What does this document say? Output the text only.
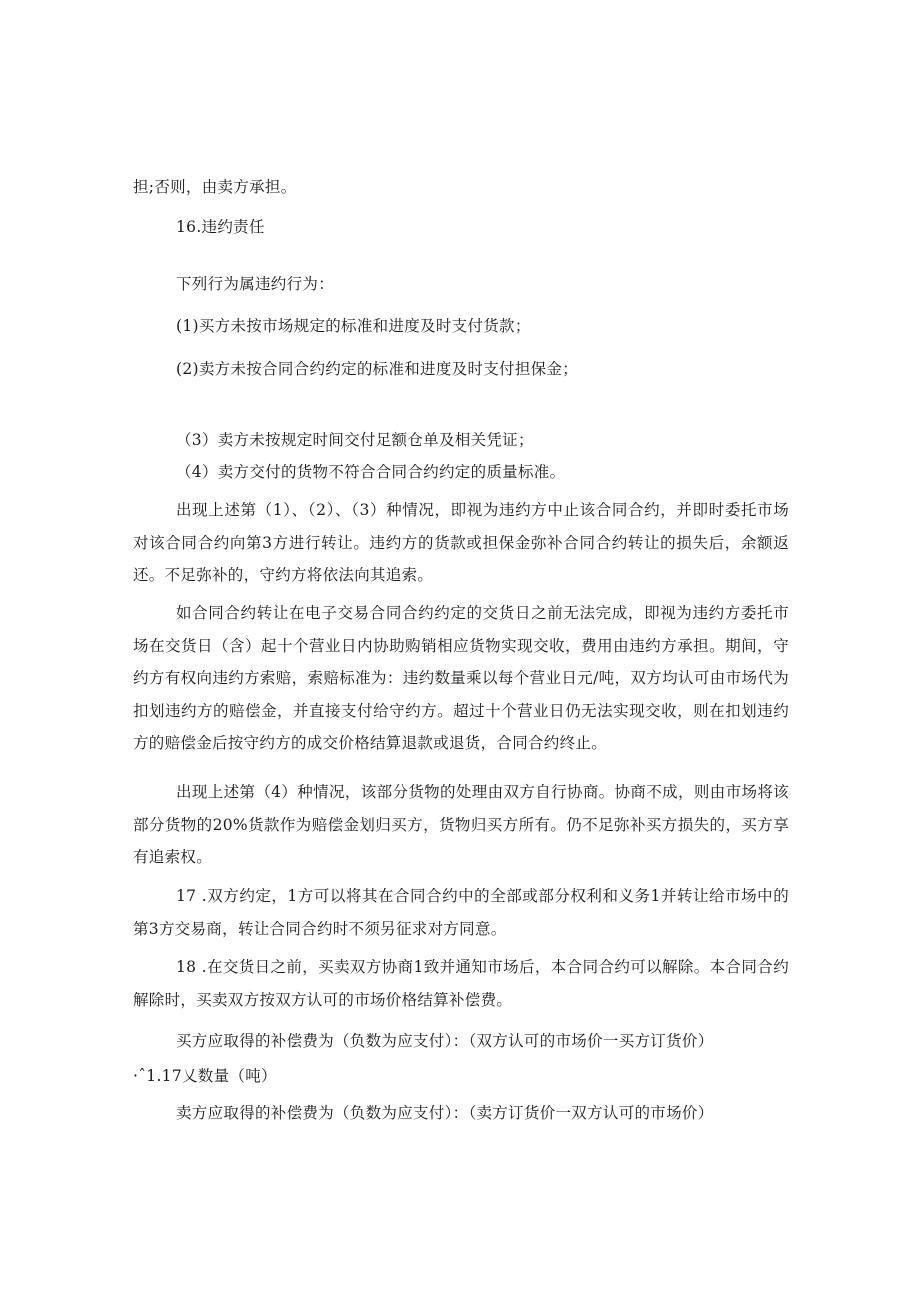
担;否则，由卖方承担。

16.违约责任

下列行为属违约行为：

(1)买方未按市场规定的标准和进度及时支付货款；

(2)卖方未按合同合约约定的标准和进度及时支付担保金；

（3）卖方未按规定时间交付足额仓单及相关凭证；

（4）卖方交付的货物不符合合同合约约定的质量标准。

出现上述第（1）、（2）、（3）种情况，即视为违约方中止该合同合约，并即时委托市场对该合同合约向第3方进行转让。违约方的货款或担保金弥补合同合约转让的损失后，余额返还。不足弥补的，守约方将依法向其追索。

如合同合约转让在电子交易合同合约约定的交货日之前无法完成，即视为违约方委托市场在交货日（含）起十个营业日内协助购销相应货物实现交收，费用由违约方承担。期间，守约方有权向违约方索赔，索赔标准为：违约数量乘以每个营业日元/吨，双方均认可由市场代为扣划违约方的赔偿金，并直接支付给守约方。超过十个营业日仍无法实现交收，则在扣划违约方的赔偿金后按守约方的成交价格结算退款或退货，合同合约终止。

出现上述第（4）种情况，该部分货物的处理由双方自行协商。协商不成，则由市场将该部分货物的20%货款作为赔偿金划归买方，货物归买方所有。仍不足弥补买方损失的，买方享有追索权。

17 .双方约定，1方可以将其在合同合约中的全部或部分权利和义务1并转让给市场中的第3方交易商，转让合同合约时不须另征求对方同意。

18 .在交货日之前，买卖双方协商1致并通知市场后，本合同合约可以解除。本合同合约解除时，买卖双方按双方认可的市场价格结算补偿费。

买方应取得的补偿费为（负数为应支付）：（双方认可的市场价一买方订货价）

·ˆ1.17乂数量（吨）

卖方应取得的补偿费为（负数为应支付）：（卖方订货价一双方认可的市场价）
